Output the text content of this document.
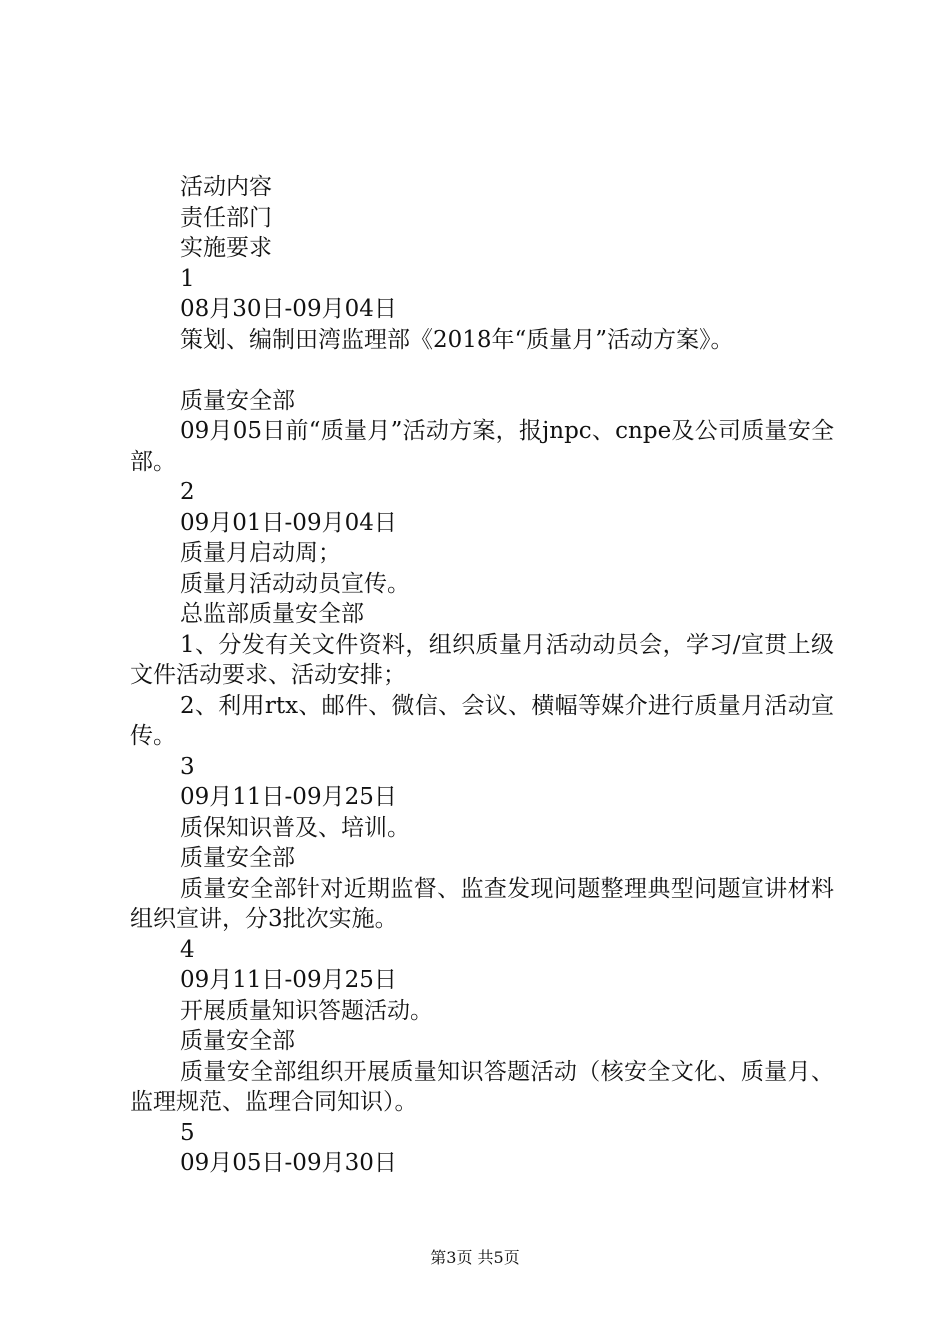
活动内容
责任部门
实施要求
1
08月30日-09月04日
策划、编制田湾监理部《2018年“质量月”活动方案》。
质量安全部
09月05日前“质量月”活动方案，报jnpc、cnpe及公司质量安全部。
2
09月01日-09月04日
质量月启动周；
质量月活动动员宣传。
总监部质量安全部
1、分发有关文件资料，组织质量月活动动员会，学习/宣贯上级文件活动要求、活动安排；
2、利用rtx、邮件、微信、会议、横幅等媒介进行质量月活动宣传。
3
09月11日-09月25日
质保知识普及、培训。
质量安全部
质量安全部针对近期监督、监查发现问题整理典型问题宣讲材料组织宣讲，分3批次实施。
4
09月11日-09月25日
开展质量知识答题活动。
质量安全部
质量安全部组织开展质量知识答题活动（核安全文化、质量月、监理规范、监理合同知识）。
5
09月05日-09月30日
第3页 共5页
